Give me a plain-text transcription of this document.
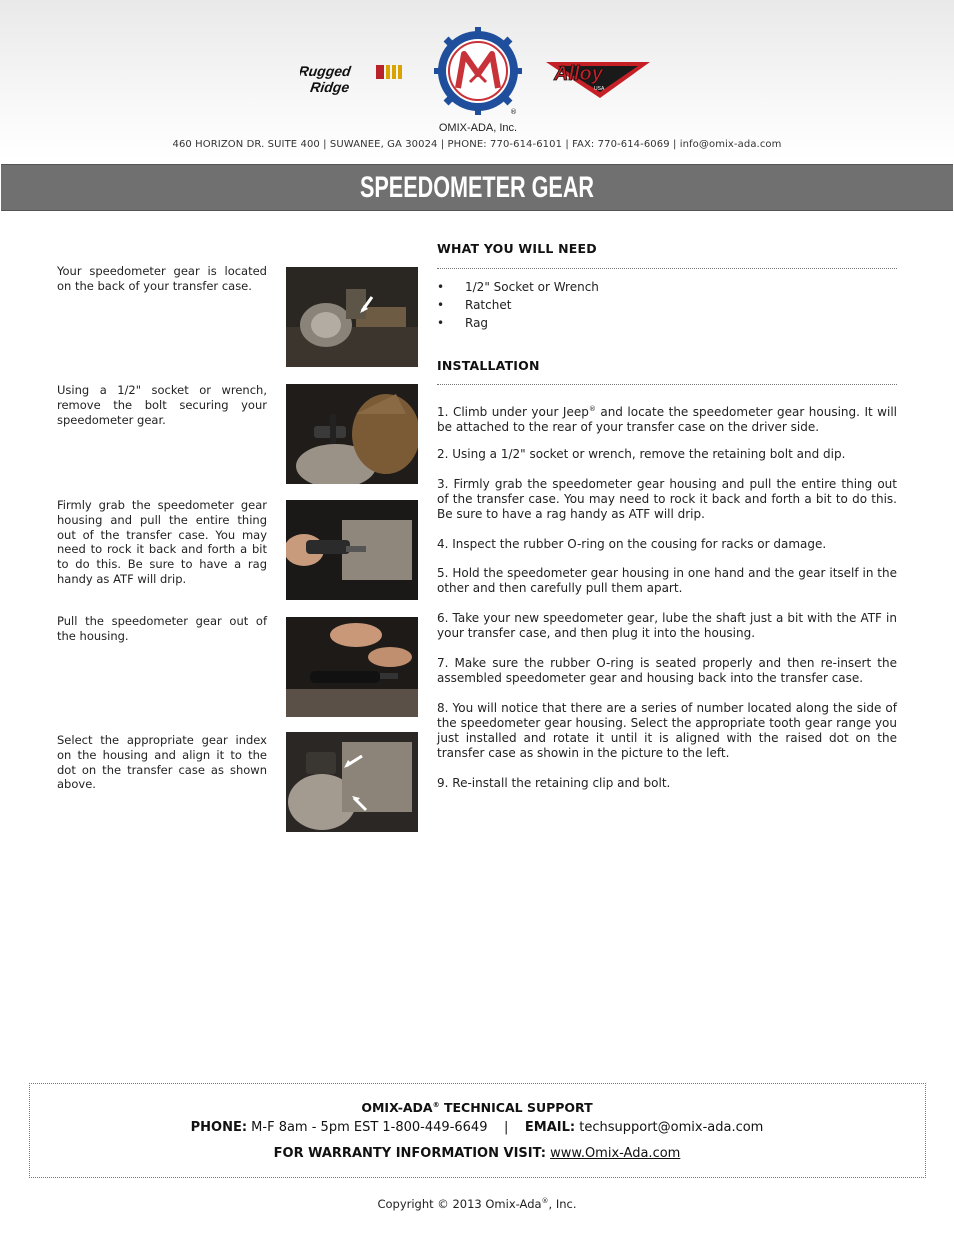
Rugged
Ridge
®
OMIX-ADA, Inc.
Alloy
USA
460 HORIZON DR. SUITE 400 | SUWANEE, GA 30024 | PHONE: 770-614-6101 | FAX: 770-614-6069 | info@omix-ada.com
SPEEDOMETER GEAR
Your speedometer gear is located on the back of your transfer case.
Using a 1/2" socket or wrench, remove the bolt securing your speedometer gear.
Firmly grab the speedometer gear housing and pull the entire thing out of the transfer case. You may need to rock it back and forth a bit to do this. Be sure to have a rag handy as ATF will drip.
Pull the speedometer gear out of the housing.
Select the appropriate gear index on the housing and align it to the dot on the transfer case as shown above.
WHAT YOU WILL NEED
• 1/2" Socket or Wrench
• Ratchet
• Rag
INSTALLATION
1. Climb under your Jeep® and locate the speedometer gear housing. It will be attached to the rear of your transfer case on the driver side.
2. Using a 1/2" socket or wrench, remove the retaining bolt and dip.
3. Firmly grab the speedometer gear housing and pull the entire thing out of the transfer case. You may need to rock it back and forth a bit to do this. Be sure to have a rag handy as ATF will drip.
4. Inspect the rubber O-ring on the cousing for racks or damage.
5. Hold the speedometer gear housing in one hand and the gear itself in the other and then carefully pull them apart.
6. Take your new speedometer gear, lube the shaft just a bit with the ATF in your transfer case, and then plug it into the housing.
7. Make sure the rubber O-ring is seated properly and then re-insert the assembled speedometer gear and housing back into the transfer case.
8. You will notice that there are a series of number located along the side of the speedometer gear housing. Select the appropriate tooth gear range you just installed and rotate it until it is aligned with the raised dot on the transfer case as showin in the picture to the left.
9. Re-install the retaining clip and bolt.
OMIX-ADA® TECHNICAL SUPPORT
PHONE: M-F 8am - 5pm EST 1-800-449-6649 | EMAIL: techsupport@omix-ada.com
FOR WARRANTY INFORMATION VISIT: www.Omix-Ada.com
Copyright © 2013 Omix-Ada®, Inc.
